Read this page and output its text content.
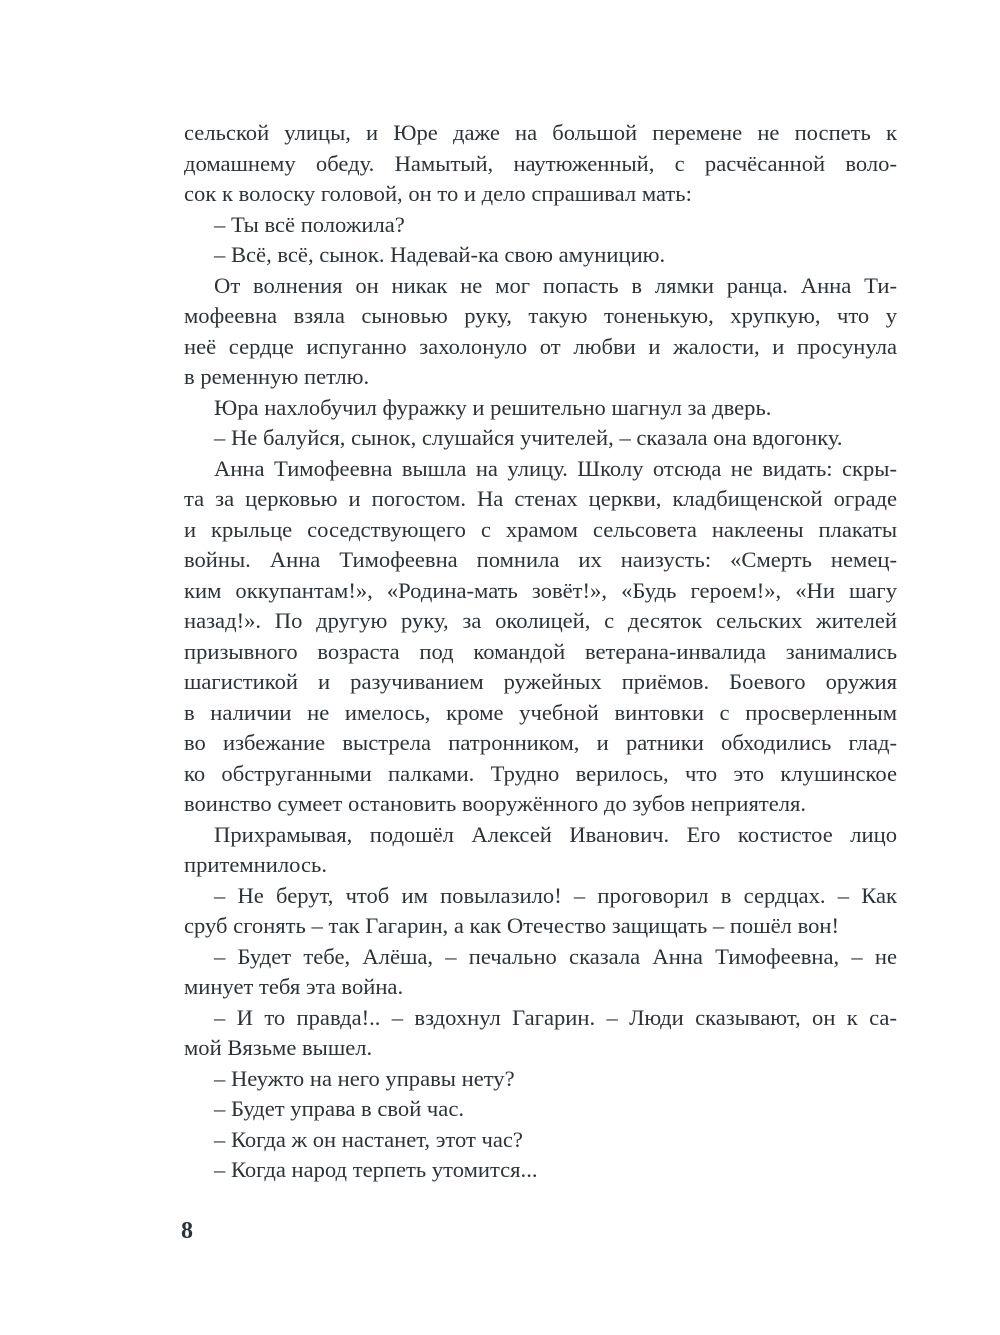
сельской улицы, и Юре даже на большой перемене не поспеть к
домашнему обеду. Намытый, наутюженный, с расчёсанной воло-
сок к волоску головой, он то и дело спрашивал мать:

– Ты всё положила?

– Всё, всё, сынок. Надевай-ка свою амуницию.

От волнения он никак не мог попасть в лямки ранца. Анна Ти-
мофеевна взяла сыновью руку, такую тоненькую, хрупкую, что у
неё сердце испуганно захолонуло от любви и жалости, и просунула
в ременную петлю.

Юра нахлобучил фуражку и решительно шагнул за дверь.

– Не балуйся, сынок, слушайся учителей, – сказала она вдогонку.

Анна Тимофеевна вышла на улицу. Школу отсюда не видать: скры-
та за церковью и погостом. На стенах церкви, кладбищенской ограде
и крыльце соседствующего с храмом сельсовета наклеены плакаты
войны. Анна Тимофеевна помнила их наизусть: «Смерть немец-
ким оккупантам!», «Родина-мать зовёт!», «Будь героем!», «Ни шагу
назад!». По другую руку, за околицей, с десяток сельских жителей
призывного возраста под командой ветерана-инвалида занимались
шагистикой и разучиванием ружейных приёмов. Боевого оружия
в наличии не имелось, кроме учебной винтовки с просверленным
во избежание выстрела патронником, и ратники обходились глад-
ко обструганными палками. Трудно верилось, что это клушинское
воинство сумеет остановить вооружённого до зубов неприятеля.

Прихрамывая, подошёл Алексей Иванович. Его костистое лицо
притемнилось.

– Не берут, чтоб им повылазило! – проговорил в сердцах. – Как
сруб сгонять – так Гагарин, а как Отечество защищать – пошёл вон!

– Будет тебе, Алёша, – печально сказала Анна Тимофеевна, – не
минует тебя эта война.

– И то правда!.. – вздохнул Гагарин. – Люди сказывают, он к са-
мой Вязьме вышел.

– Неужто на него управы нету?

– Будет управа в свой час.

– Когда ж он настанет, этот час?

– Когда народ терпеть утомится...

8
